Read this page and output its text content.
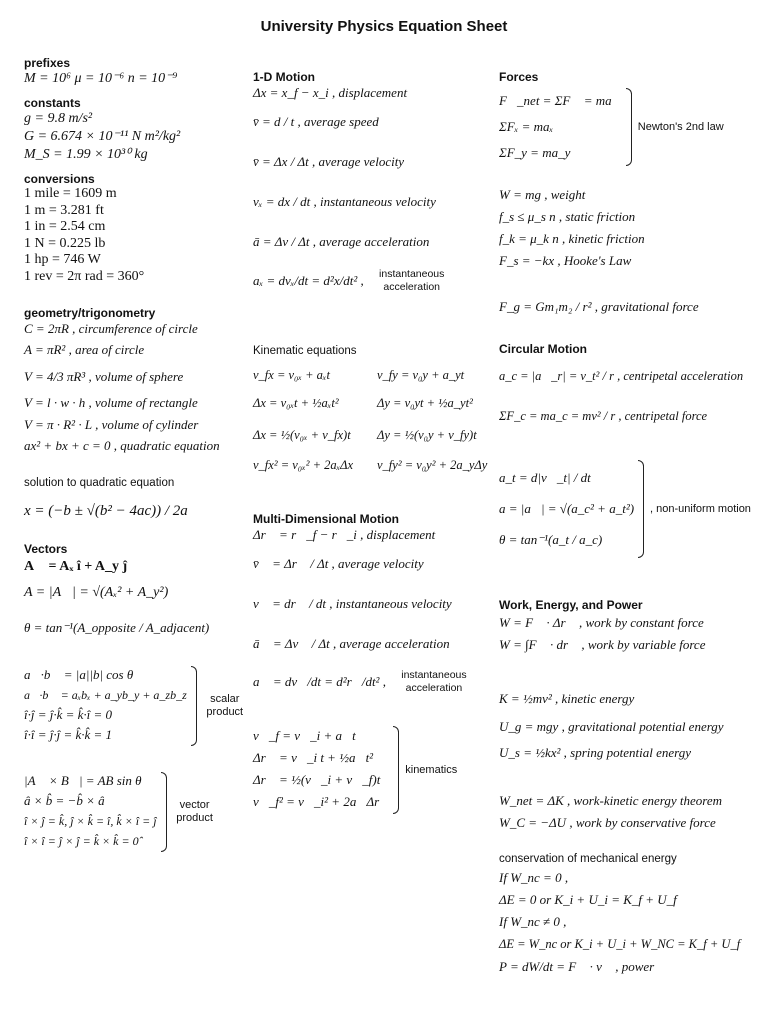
University Physics Equation Sheet
prefixes
M = 10⁶ μ = 10⁻⁶ n = 10⁻⁹
constants
g = 9.8 m/s²
G = 6.674 × 10⁻¹¹ N m²/kg²
M_S = 1.99 × 10³⁰ kg
conversions
1 mile = 1609 m
1 m = 3.281 ft
1 in = 2.54 cm
1 N = 0.225 lb
1 hp = 746 W
1 rev = 2π rad = 360°
geometry/trigonometry
C = 2πR , circumference of circle
A = πR² , area of circle
V = 4/3 πR³ , volume of sphere
V = l · w · h , volume of rectangle
V = π · R² · L , volume of cylinder
ax² + bx + c = 0 , quadratic equation
solution to quadratic equation
x = (−b ± √(b² − 4ac)) / 2a
Vectors
A⃗ = Aₓ î + A_y ĵ
A = |A⃗| = √(Aₓ² + A_y²)
θ = tan⁻¹(A_opposite / A_adjacent)
a⃗·b⃗ = |a||b| cos θ
a⃗·b⃗ = aₓbₓ + a_yb_y + a_zb_z
î·ĵ = ĵ·k̂ = k̂·î = 0
î·î = ĵ·ĵ = k̂·k̂ = 1
scalar product
|A⃗ × B⃗| = AB sin θ
â × b̂ = −b̂ × â
î × ĵ = k̂, ĵ × k̂ = î, k̂ × î = ĵ
î × î = ĵ × ĵ = k̂ × k̂ = 0̂
vector product
1-D Motion
Δx = x_f − x_i , displacement
v̄ = d / t , average speed
v̄ = Δx / Δt , average velocity
vₓ = dx / dt , instantaneous velocity
ā = Δv / Δt , average acceleration
aₓ = dvₓ/dt = d²x/dt² ,	instantaneous acceleration
Kinematic equations
v_fx = v₀ₓ + aₓt	v_fy = v₀y + a_yt
Δx = v₀ₓt + ½aₓt²	Δy = v₀yt + ½a_yt²
Δx = ½(v₀ₓ + v_fx)t	Δy = ½(v₀y + v_fy)t
v_fx² = v₀ₓ² + 2aₓΔx	v_fy² = v₀y² + 2a_yΔy
Multi-Dimensional Motion
Δr⃗ = r⃗_f − r⃗_i , displacement
v̄⃗ = Δr⃗ / Δt , average velocity
v⃗ = dr⃗ / dt , instantaneous velocity
ā⃗ = Δv⃗ / Δt , average acceleration
a⃗ = dv⃗/dt = d²r⃗/dt² ,	instantaneous acceleration
v⃗_f = v⃗_i + a⃗t
Δr⃗ = v⃗_i t + ½a⃗t²
Δr⃗ = ½(v⃗_i + v⃗_f)t
v⃗_f² = v⃗_i² + 2a⃗Δr⃗
kinematics
Forces
F⃗_net = ΣF⃗ = ma⃗
ΣFₓ = maₓ
ΣF_y = ma_y
Newton's 2nd law
W = mg , weight
f_s ≤ μ_s n , static friction
f_k = μ_k n , kinetic friction
F_s = −kx , Hooke's Law
F_g = Gm₁m₂ / r² , gravitational force
Circular Motion
a_c = |a⃗_r| = v_t² / r , centripetal acceleration
ΣF_c = ma_c = mv² / r , centripetal force
a_t = d|v⃗_t| / dt
a = |a⃗| = √(a_c² + a_t²)
θ = tan⁻¹(a_t / a_c)
, non-uniform motion
Work, Energy, and Power
W = F⃗ · Δr⃗ , work by constant force
W = ∫F⃗ · dr⃗ , work by variable force
K = ½mv² , kinetic energy
U_g = mgy , gravitational potential energy
U_s = ½kx² , spring potential energy
W_net = ΔK , work-kinetic energy theorem
W_C = −ΔU , work by conservative force
conservation of mechanical energy
If W_nc = 0 ,
ΔE = 0 or K_i + U_i = K_f + U_f
If W_nc ≠ 0 ,
ΔE = W_nc or K_i + U_i + W_NC = K_f + U_f
P = dW/dt = F⃗ · v⃗ , power
